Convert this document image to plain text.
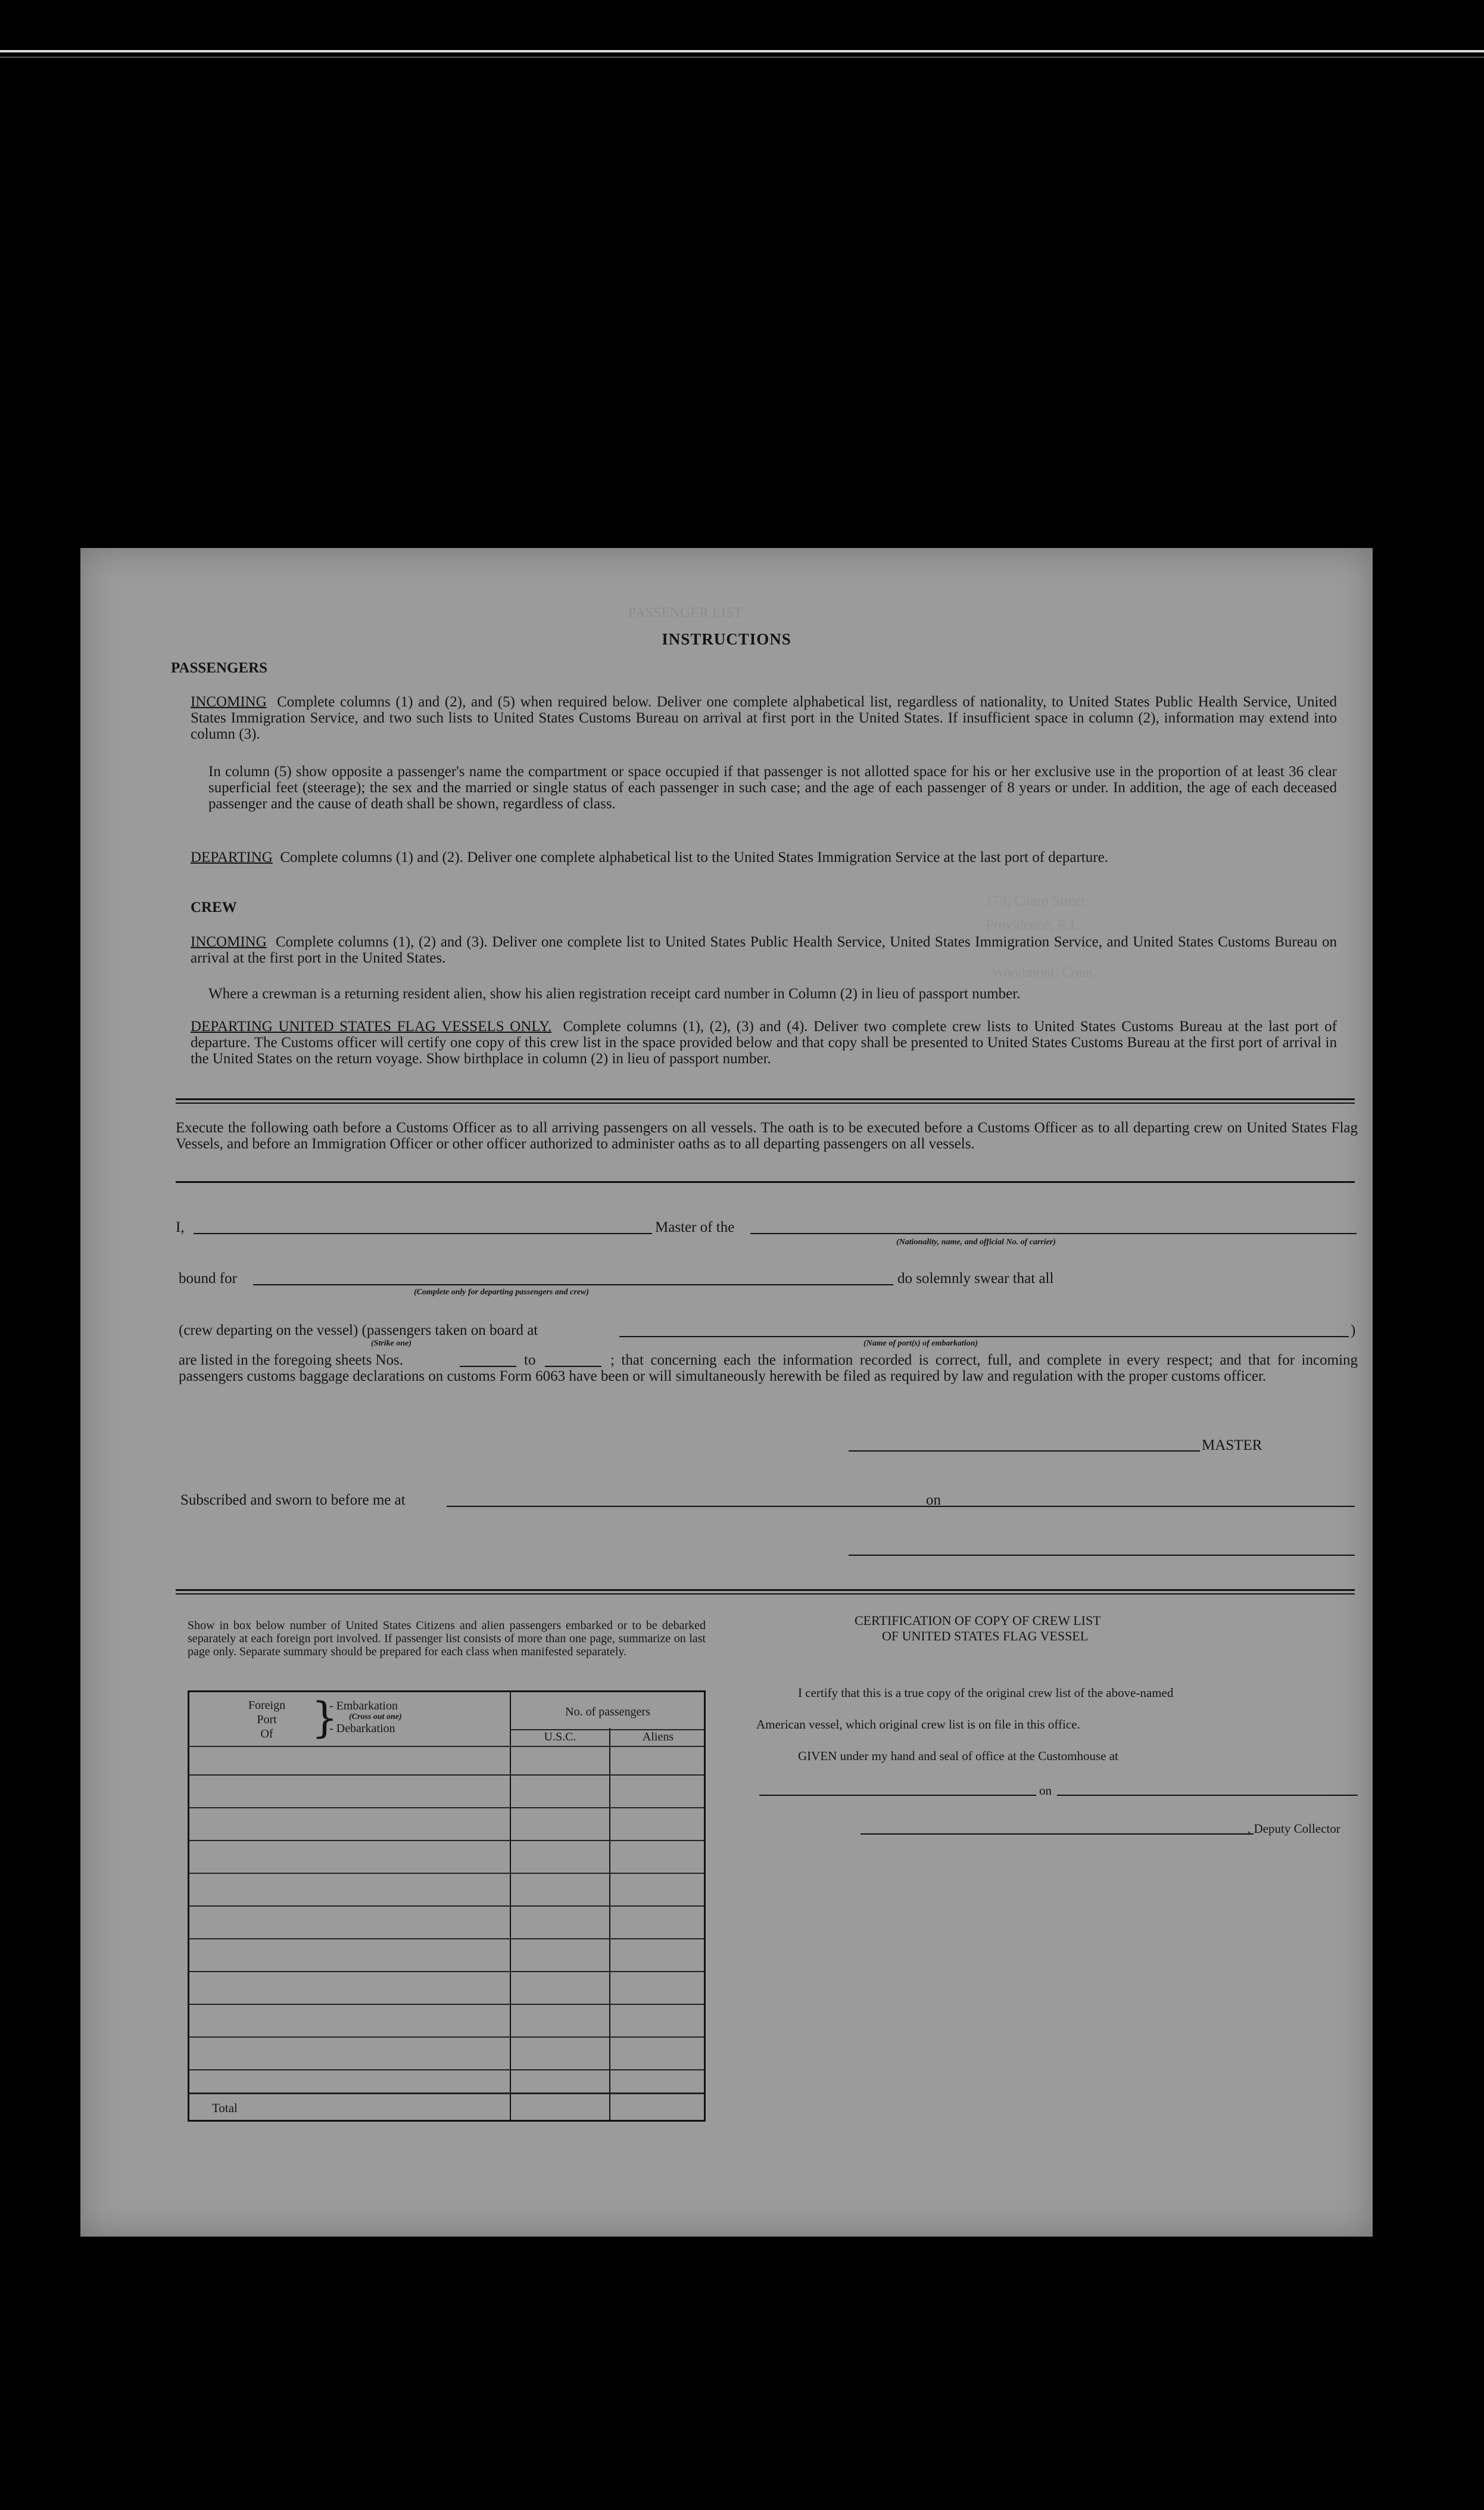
PASSENGER LIST
173, Camp Street
Providence, R.I.
Woodmont, Conn.
INSTRUCTIONS
PASSENGERS
INCOMING Complete columns (1) and (2), and (5) when required below. Deliver one complete alphabetical list, regardless of nationality, to United States Public Health Service, United States Immigration Service, and two such lists to United States Customs Bureau on arrival at first port in the United States. If insufficient space in column (2), information may extend into column (3).
In column (5) show opposite a passenger's name the compartment or space occupied if that passenger is not allotted space for his or her exclusive use in the proportion of at least 36 clear superficial feet (steerage); the sex and the married or single status of each passenger in such case; and the age of each passenger of 8 years or under. In addition, the age of each deceased passenger and the cause of death shall be shown, regardless of class.
DEPARTING Complete columns (1) and (2). Deliver one complete alphabetical list to the United States Immigration Service at the last port of departure.
CREW
INCOMING Complete columns (1), (2) and (3). Deliver one complete list to United States Public Health Service, United States Immigration Service, and United States Customs Bureau on arrival at the first port in the United States.
Where a crewman is a returning resident alien, show his alien registration receipt card number in Column (2) in lieu of passport number.
DEPARTING UNITED STATES FLAG VESSELS ONLY. Complete columns (1), (2), (3) and (4). Deliver two complete crew lists to United States Customs Bureau at the last port of departure. The Customs officer will certify one copy of this crew list in the space provided below and that copy shall be presented to United States Customs Bureau at the first port of arrival in the United States on the return voyage. Show birthplace in column (2) in lieu of passport number.
Execute the following oath before a Customs Officer as to all arriving passengers on all vessels. The oath is to be executed before a Customs Officer as to all departing crew on United States Flag Vessels, and before an Immigration Officer or other officer authorized to administer oaths as to all departing passengers on all vessels.
I,	Master of the
(Nationality, name, and official No. of carrier)
bound for
(Complete only for departing passengers and crew)
do solemnly swear that all
(crew departing on the vessel) (passengers taken on board at
(Strike one)
)
(Name of port(s) of embarkation)
are listed in the foregoing sheets Nos.	to	; that concerning each the information recorded is correct, full, and complete in every respect; and that for incoming passengers customs baggage declarations on customs Form 6063 have been or will simultaneously herewith be filed as required by law and regulation with the proper customs officer.
MASTER
Subscribed and sworn to before me at	on
Show in box below number of United States Citizens and alien passengers embarked or to be debarked separately at each foreign port involved. If passenger list consists of more than one page, summarize on last page only. Separate summary should be prepared for each class when manifested separately.
Foreign
Port
Of }
- Embarkation
(Cross out one)
- Debarkation
No. of passengers
U.S.C.	Aliens
Total
CERTIFICATION OF COPY OF CREW LIST
OF UNITED STATES FLAG VESSEL
I certify that this is a true copy of the original crew list of the above-named
American vessel, which original crew list is on file in this office.
GIVEN under my hand and seal of office at the Customhouse at
on
, Deputy Collector
